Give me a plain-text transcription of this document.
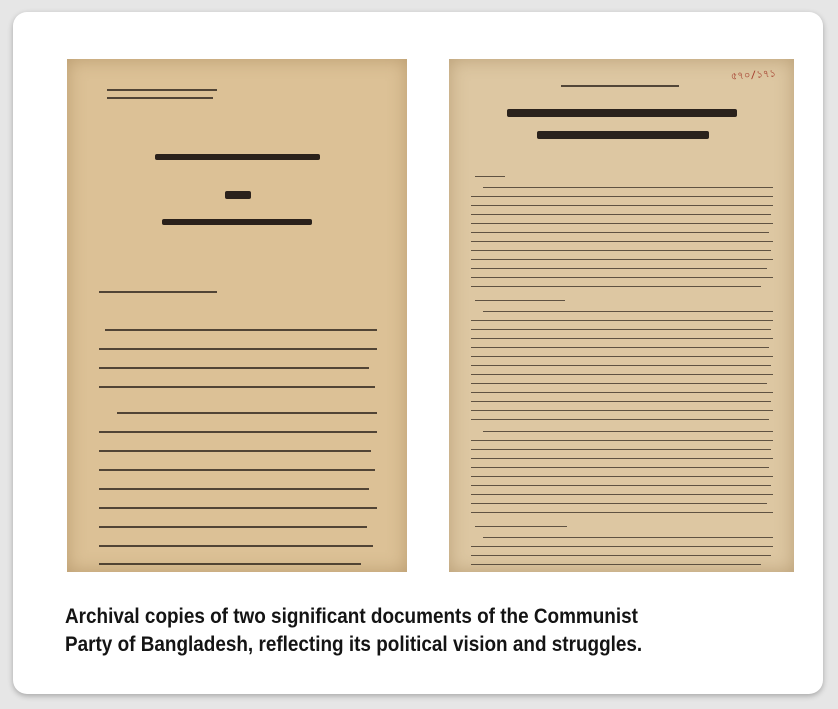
৫৭০/১৭১
Archival copies of two significant documents of the Communist
Party of Bangladesh, reflecting its political vision and struggles.
